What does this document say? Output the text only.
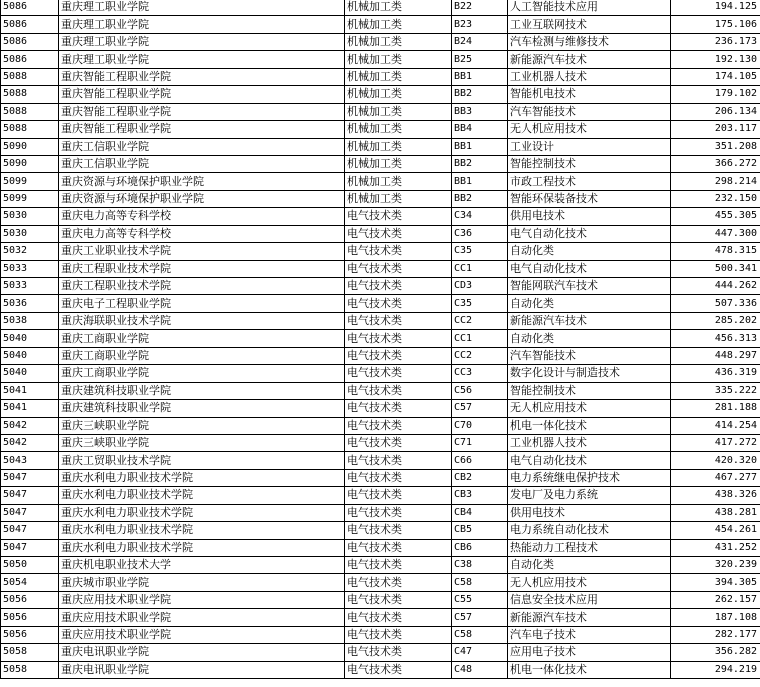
5086	重庆理工职业学院	机械加工类	B22	人工智能技术应用	194.125
5086	重庆理工职业学院	机械加工类	B23	工业互联网技术	175.106
5086	重庆理工职业学院	机械加工类	B24	汽车检测与维修技术	236.173
5086	重庆理工职业学院	机械加工类	B25	新能源汽车技术	192.130
5088	重庆智能工程职业学院	机械加工类	BB1	工业机器人技术	174.105
5088	重庆智能工程职业学院	机械加工类	BB2	智能机电技术	179.102
5088	重庆智能工程职业学院	机械加工类	BB3	汽车智能技术	206.134
5088	重庆智能工程职业学院	机械加工类	BB4	无人机应用技术	203.117
5090	重庆工信职业学院	机械加工类	BB1	工业设计	351.208
5090	重庆工信职业学院	机械加工类	BB2	智能控制技术	366.272
5099	重庆资源与环境保护职业学院	机械加工类	BB1	市政工程技术	298.214
5099	重庆资源与环境保护职业学院	机械加工类	BB2	智能环保装备技术	232.150
5030	重庆电力高等专科学校	电气技术类	C34	供用电技术	455.305
5030	重庆电力高等专科学校	电气技术类	C36	电气自动化技术	447.300
5032	重庆工业职业技术学院	电气技术类	C35	自动化类	478.315
5033	重庆工程职业技术学院	电气技术类	CC1	电气自动化技术	500.341
5033	重庆工程职业技术学院	电气技术类	CD3	智能网联汽车技术	444.262
5036	重庆电子工程职业学院	电气技术类	C35	自动化类	507.336
5038	重庆海联职业技术学院	电气技术类	CC2	新能源汽车技术	285.202
5040	重庆工商职业学院	电气技术类	CC1	自动化类	456.313
5040	重庆工商职业学院	电气技术类	CC2	汽车智能技术	448.297
5040	重庆工商职业学院	电气技术类	CC3	数字化设计与制造技术	436.319
5041	重庆建筑科技职业学院	电气技术类	C56	智能控制技术	335.222
5041	重庆建筑科技职业学院	电气技术类	C57	无人机应用技术	281.188
5042	重庆三峡职业学院	电气技术类	C70	机电一体化技术	414.254
5042	重庆三峡职业学院	电气技术类	C71	工业机器人技术	417.272
5043	重庆工贸职业技术学院	电气技术类	C66	电气自动化技术	420.320
5047	重庆水利电力职业技术学院	电气技术类	CB2	电力系统继电保护技术	467.277
5047	重庆水利电力职业技术学院	电气技术类	CB3	发电厂及电力系统	438.326
5047	重庆水利电力职业技术学院	电气技术类	CB4	供用电技术	438.281
5047	重庆水利电力职业技术学院	电气技术类	CB5	电力系统自动化技术	454.261
5047	重庆水利电力职业技术学院	电气技术类	CB6	热能动力工程技术	431.252
5050	重庆机电职业技术大学	电气技术类	C38	自动化类	320.239
5054	重庆城市职业学院	电气技术类	C58	无人机应用技术	394.305
5056	重庆应用技术职业学院	电气技术类	C55	信息安全技术应用	262.157
5056	重庆应用技术职业学院	电气技术类	C57	新能源汽车技术	187.108
5056	重庆应用技术职业学院	电气技术类	C58	汽车电子技术	282.177
5058	重庆电讯职业学院	电气技术类	C47	应用电子技术	356.282
5058	重庆电讯职业学院	电气技术类	C48	机电一体化技术	294.219
